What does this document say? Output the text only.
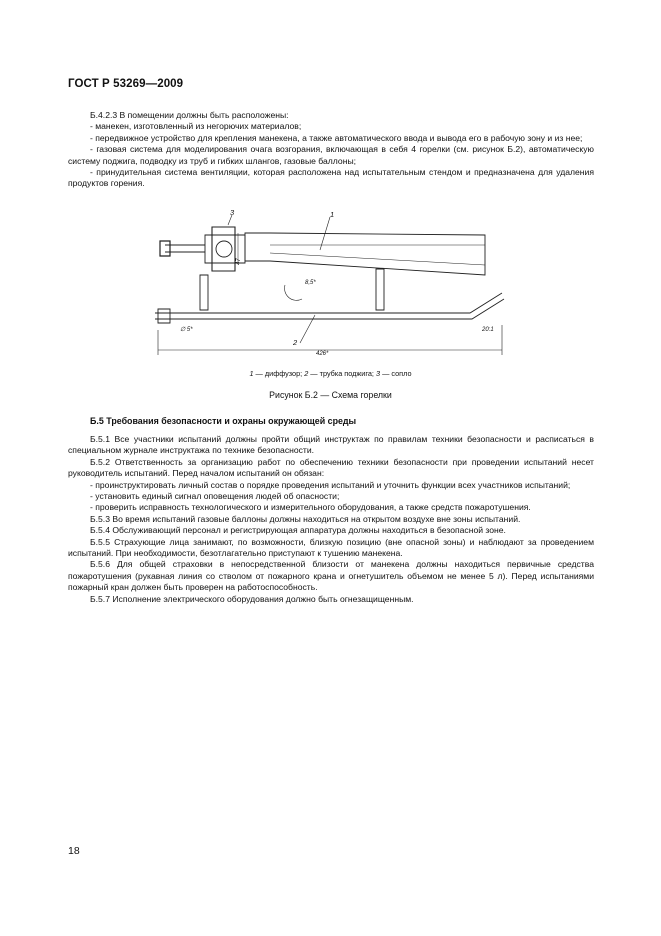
ГОСТ Р 53269—2009

Б.4.2.3 В помещении должны быть расположены:

- манекен, изготовленный из негорючих материалов;

- передвижное устройство для крепления манекена, а также автоматического ввода и вывода его в рабочую зону и из нее;

- газовая система для моделирования очага возгорания, включающая в себя 4 горелки (см. рисунок Б.2), автоматическую систему поджига, подводку из труб и гибких шлангов, газовые баллоны;

- принудительная система вентиляции, которая расположена над испытательным стендом и предназначена для удаления продуктов горения.

1
2
3
47
8,5*
∅ 5*
426*
20:1
1 — диффузор; 2 — трубка поджига; 3 — сопло
Рисунок Б.2 — Схема горелки
Б.5 Требования безопасности и охраны окружающей среды

Б.5.1 Все участники испытаний должны пройти общий инструктаж по правилам техники безопасности и расписаться в специальном журнале инструктажа по технике безопасности.

Б.5.2 Ответственность за организацию работ по обеспечению техники безопасности при проведении испытаний несет руководитель испытаний. Перед началом испытаний он обязан:

- проинструктировать личный состав о порядке проведения испытаний и уточнить функции всех участников испытаний;

- установить единый сигнал оповещения людей об опасности;

- проверить исправность технологического и измерительного оборудования, а также средств пожаротушения.

Б.5.3 Во время испытаний газовые баллоны должны находиться на открытом воздухе вне зоны испытаний.

Б.5.4 Обслуживающий персонал и регистрирующая аппаратура должны находиться в безопасной зоне.

Б.5.5 Страхующие лица занимают, по возможности, близкую позицию (вне опасной зоны) и наблюдают за проведением испытаний. При необходимости, безотлагательно приступают к тушению манекена.

Б.5.6 Для общей страховки в непосредственной близости от манекена должны находиться первичные средства пожаротушения (рукавная линия со стволом от пожарного крана и огнетушитель объемом не менее 5 л). Перед испытаниями пожарный кран должен быть проверен на работоспособность.

Б.5.7 Исполнение электрического оборудования должно быть огнезащищенным.

18
